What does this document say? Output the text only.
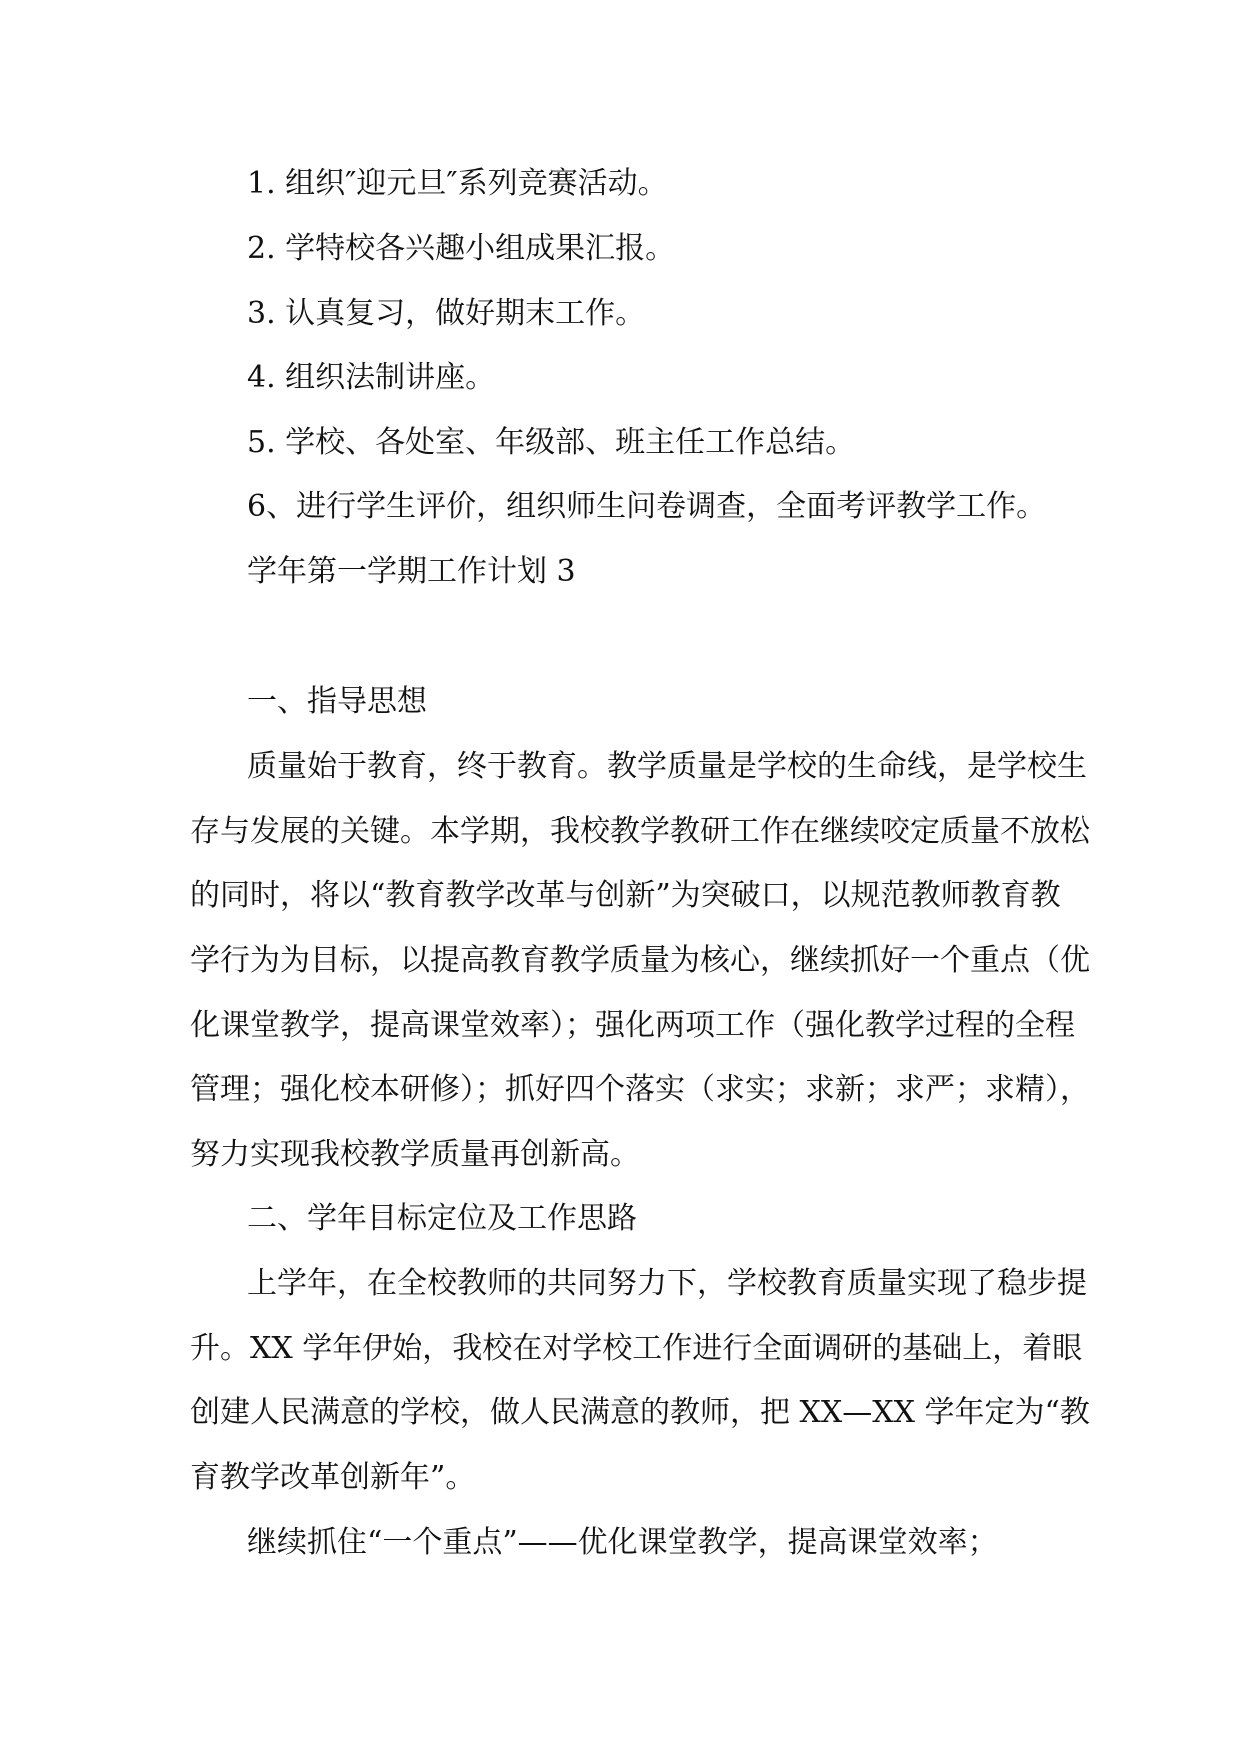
1. 组织″迎元旦″系列竞赛活动。
2. 学特校各兴趣小组成果汇报。
3. 认真复习，做好期末工作。
4. 组织法制讲座。
5. 学校、各处室、年级部、班主任工作总结。
6、进行学生评价，组织师生问卷调查，全面考评教学工作。
学年第一学期工作计划 3
一、指导思想
质量始于教育，终于教育。教学质量是学校的生命线，是学校生
存与发展的关键。本学期，我校教学教研工作在继续咬定质量不放松
的同时，将以“教育教学改革与创新”为突破口，以规范教师教育教
学行为为目标，以提高教育教学质量为核心，继续抓好一个重点（优
化课堂教学，提高课堂效率）；强化两项工作（强化教学过程的全程
管理；强化校本研修）；抓好四个落实（求实；求新；求严；求精），
努力实现我校教学质量再创新高。
二、学年目标定位及工作思路
上学年，在全校教师的共同努力下，学校教育质量实现了稳步提
升。XX 学年伊始，我校在对学校工作进行全面调研的基础上，着眼
创建人民满意的学校，做人民满意的教师，把 XX—XX 学年定为“教
育教学改革创新年”。
继续抓住“一个重点”——优化课堂教学，提高课堂效率；
